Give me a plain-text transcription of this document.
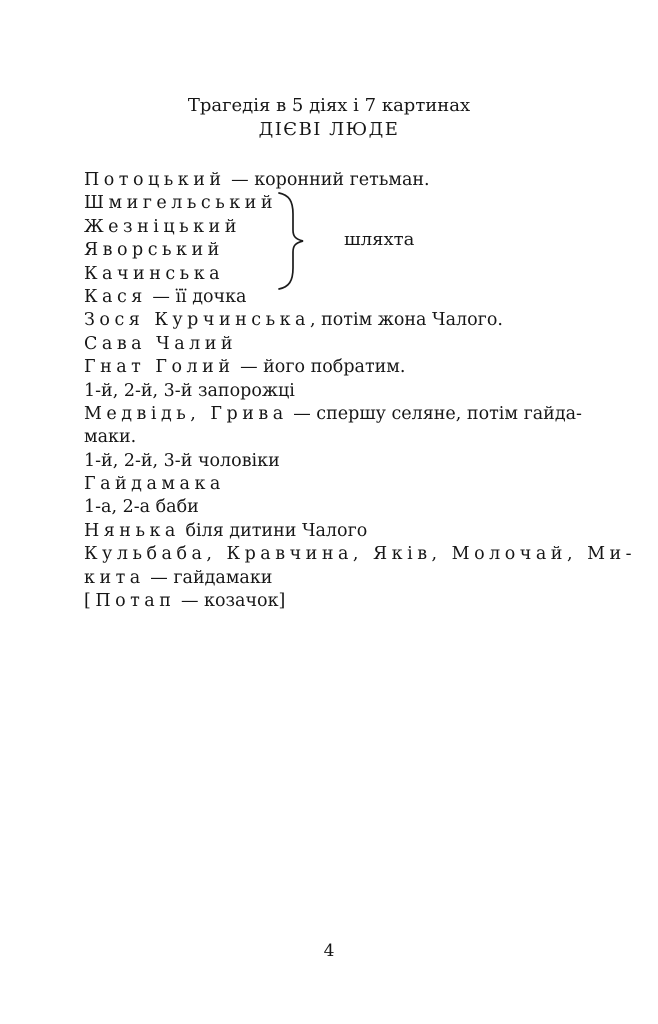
Трагедія в 5 діях і 7 картинах
ДІЄВІ ЛЮДЕ
Потоцький — коронний гетьман.
Шмигельський
Жезніцький
Яворський
Качинська
шляхта
Кася — її дочка
Зося Курчинська, потім жона Чалого.
Сава Чалий
Гнат Голий — його побратим.
1-й, 2-й, 3-й запорожці
Медвідь, Грива — спершу селяне, потім гайда-
маки.
1-й, 2-й, 3-й чоловіки
Гайдамака
1-а, 2-а баби
Нянька біля дитини Чалого
Кульбаба, Кравчина, Яків, Молочай, Ми-
кита — гайдамаки
[Потап — козачок]
4
